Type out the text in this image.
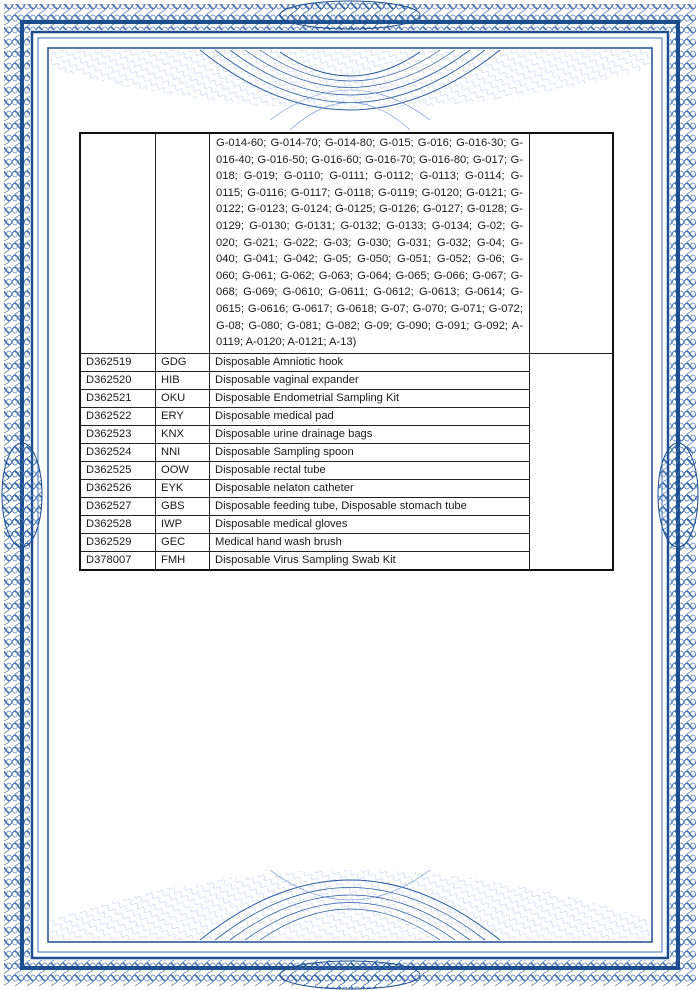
		G-014-60; G-014-70; G-014-80; G-015; G-016; G-016-30; G-016-40; G-016-50; G-016-60; G-016-70; G-016-80; G-017; G-018; G-019; G-0110; G-0111; G-0112; G-0113; G-0114; G-0115; G-0116; G-0117; G-0118; G-0119; G-0120; G-0121; G-0122; G-0123; G-0124; G-0125; G-0126; G-0127; G-0128; G-0129; G-0130; G-0131; G-0132; G-0133; G-0134; G-02; G-020; G-021; G-022; G-03; G-030; G-031; G-032; G-04; G-040; G-041; G-042; G-05; G-050; G-051; G-052; G-06; G-060; G-061; G-062; G-063; G-064; G-065; G-066; G-067; G-068; G-069; G-0610; G-0611; G-0612; G-0613; G-0614; G-0615; G-0616; G-0617; G-0618; G-07; G-070; G-071; G-072; G-08; G-080; G-081; G-082; G-09; G-090; G-091; G-092; A-0119; A-0120; A-0121; A-13)	
D362519	GDG	Disposable Amniotic hook	
D362520	HIB	Disposable vaginal expander	
D362521	OKU	Disposable Endometrial Sampling Kit	
D362522	ERY	Disposable medical pad	
D362523	KNX	Disposable urine drainage bags	
D362524	NNI	Disposable Sampling spoon	
D362525	OOW	Disposable rectal tube	
D362526	EYK	Disposable nelaton catheter	
D362527	GBS	Disposable feeding tube, Disposable stomach tube	
D362528	IWP	Disposable medical gloves	
D362529	GEC	Medical hand wash brush	
D378007	FMH	Disposable Virus Sampling Swab Kit	
